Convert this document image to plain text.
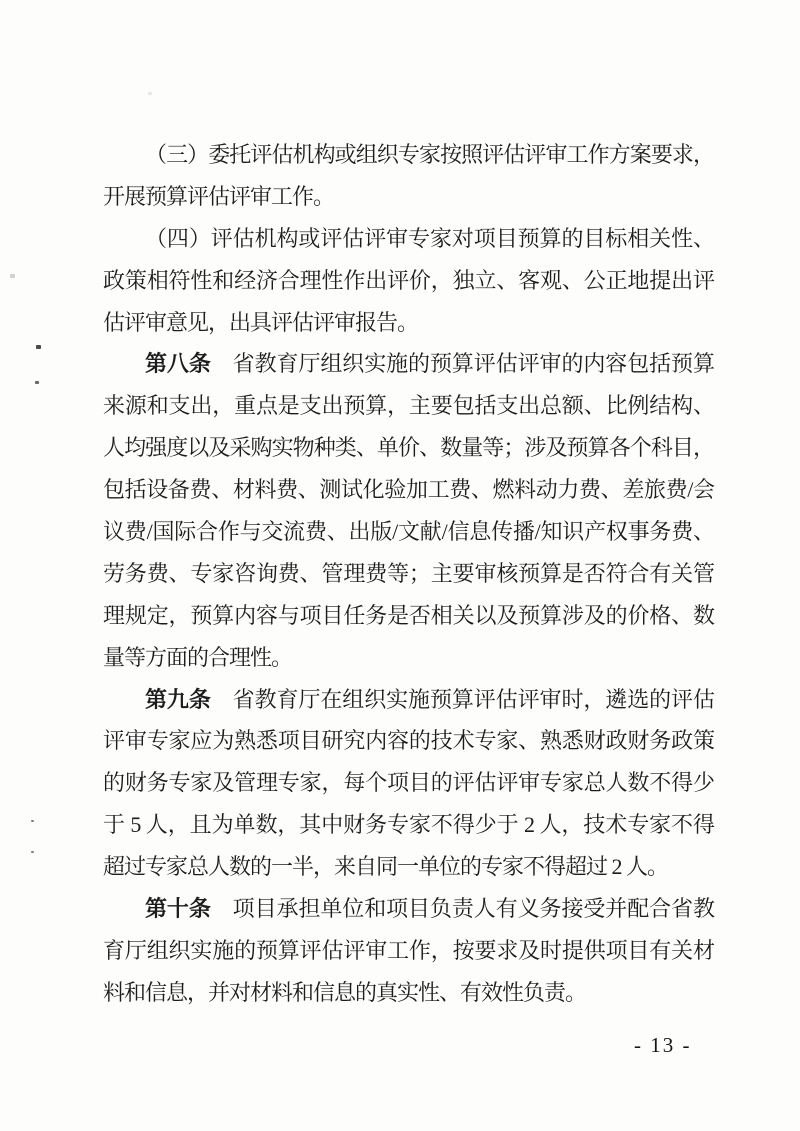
（三）委托评估机构或组织专家按照评估评审工作方案要求，
开展预算评估评审工作。
（四）评估机构或评估评审专家对项目预算的目标相关性、
政策相符性和经济合理性作出评价，独立、客观、公正地提出评
估评审意见，出具评估评审报告。
第八条　省教育厅组织实施的预算评估评审的内容包括预算
来源和支出，重点是支出预算，主要包括支出总额、比例结构、
人均强度以及采购实物种类、单价、数量等；涉及预算各个科目，
包括设备费、材料费、测试化验加工费、燃料动力费、差旅费/会
议费/国际合作与交流费、出版/文献/信息传播/知识产权事务费、
劳务费、专家咨询费、管理费等；主要审核预算是否符合有关管
理规定，预算内容与项目任务是否相关以及预算涉及的价格、数
量等方面的合理性。
第九条　省教育厅在组织实施预算评估评审时，遴选的评估
评审专家应为熟悉项目研究内容的技术专家、熟悉财政财务政策
的财务专家及管理专家，每个项目的评估评审专家总人数不得少
于 5 人，且为单数，其中财务专家不得少于 2 人，技术专家不得
超过专家总人数的一半，来自同一单位的专家不得超过 2 人。
第十条　项目承担单位和项目负责人有义务接受并配合省教
育厅组织实施的预算评估评审工作，按要求及时提供项目有关材
料和信息，并对材料和信息的真实性、有效性负责。
- 13 -
